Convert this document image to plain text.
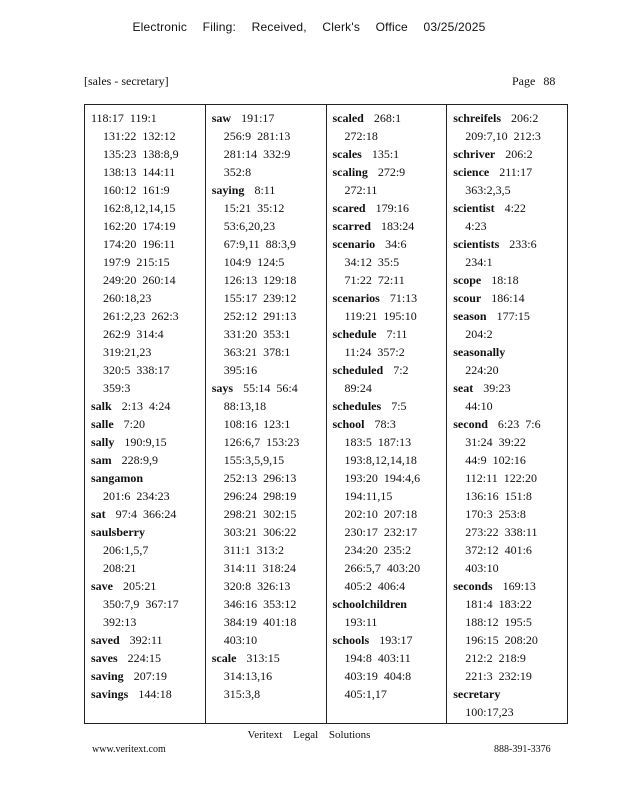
Electronic Filing: Received, Clerk's Office 03/25/2025
[sales - secretary]	Page 88
118:17  119:1
131:22  132:12
135:23  138:8,9
138:13  144:11
160:12  161:9
162:8,12,14,15
162:20  174:19
174:20  196:11
197:9  215:15
249:20  260:14
260:18,23
261:2,23  262:3
262:9  314:4
319:21,23
320:5  338:17
359:3
salk 2:13  4:24
salle 7:20
sally 190:9,15
sam 228:9,9
sangamon
201:6  234:23
sat 97:4  366:24
saulsberry
206:1,5,7
208:21
save 205:21
350:7,9  367:17
392:13
saved 392:11
saves 224:15
saving 207:19
savings 144:18
saw 191:17
256:9  281:13
281:14  332:9
352:8
saying 8:11
15:21  35:12
53:6,20,23
67:9,11  88:3,9
104:9  124:5
126:13  129:18
155:17  239:12
252:12  291:13
331:20  353:1
363:21  378:1
395:16
says 55:14  56:4
88:13,18
108:16  123:1
126:6,7  153:23
155:3,5,9,15
252:13  296:13
296:24  298:19
298:21  302:15
303:21  306:22
311:1  313:2
314:11  318:24
320:8  326:13
346:16  353:12
384:19  401:18
403:10
scale 313:15
314:13,16
315:3,8
scaled 268:1
272:18
scales 135:1
scaling 272:9
272:11
scared 179:16
scarred 183:24
scenario 34:6
34:12  35:5
71:22  72:11
scenarios 71:13
119:21  195:10
schedule 7:11
11:24  357:2
scheduled 7:2
89:24
schedules 7:5
school 78:3
183:5  187:13
193:8,12,14,18
193:20  194:4,6
194:11,15
202:10  207:18
230:17  232:17
234:20  235:2
266:5,7  403:20
405:2  406:4
schoolchildren
193:11
schools 193:17
194:8  403:11
403:19  404:8
405:1,17
schreifels 206:2
209:7,10  212:3
schriver 206:2
science 211:17
363:2,3,5
scientist 4:22
4:23
scientists 233:6
234:1
scope 18:18
scour 186:14
season 177:15
204:2
seasonally
224:20
seat 39:23
44:10
second 6:23  7:6
31:24  39:22
44:9  102:16
112:11  122:20
136:16  151:8
170:3  253:8
273:22  338:11
372:12  401:6
403:10
seconds 169:13
181:4  183:22
188:12  195:5
196:15  208:20
212:2  218:9
221:3  232:19
secretary
100:17,23
Veritext Legal Solutions
www.veritext.com	888-391-3376
